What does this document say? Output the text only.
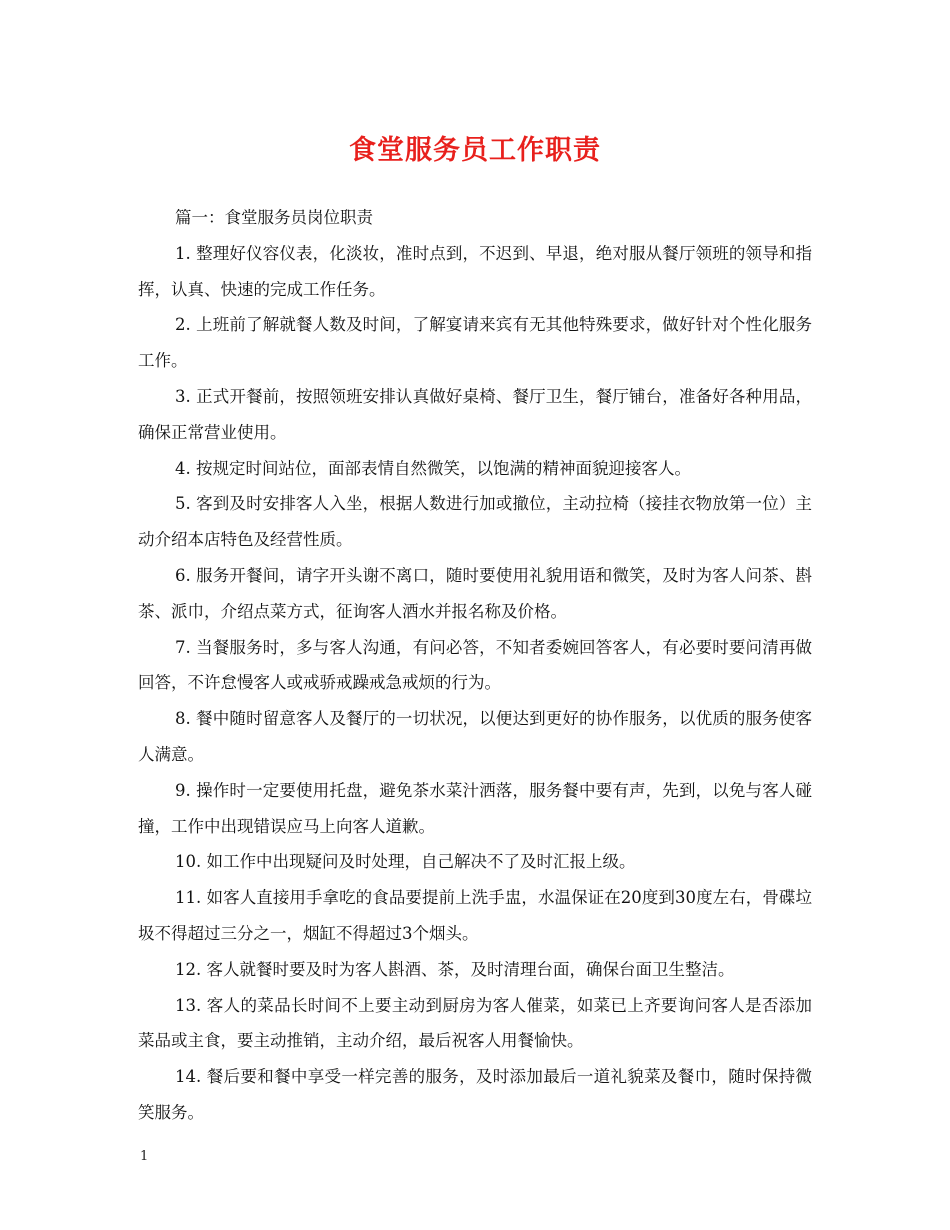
食堂服务员工作职责

篇一：食堂服务员岗位职责

1. 整理好仪容仪表，化淡妆，准时点到，不迟到、早退，绝对服从餐厅领班的领导和指挥，认真、快速的完成工作任务。

2. 上班前了解就餐人数及时间，了解宴请来宾有无其他特殊要求，做好针对个性化服务工作。

3. 正式开餐前，按照领班安排认真做好桌椅、餐厅卫生，餐厅铺台，准备好各种用品，确保正常营业使用。

4. 按规定时间站位，面部表情自然微笑，以饱满的精神面貌迎接客人。

5. 客到及时安排客人入坐，根据人数进行加或撤位，主动拉椅（接挂衣物放第一位）主动介绍本店特色及经营性质。

6. 服务开餐间，请字开头谢不离口，随时要使用礼貌用语和微笑，及时为客人问茶、斟茶、派巾，介绍点菜方式，征询客人酒水并报名称及价格。

7. 当餐服务时，多与客人沟通，有问必答，不知者委婉回答客人，有必要时要问清再做回答，不许怠慢客人或戒骄戒躁戒急戒烦的行为。

8. 餐中随时留意客人及餐厅的一切状况，以便达到更好的协作服务，以优质的服务使客人满意。

9. 操作时一定要使用托盘，避免茶水菜汁洒落，服务餐中要有声，先到，以免与客人碰撞，工作中出现错误应马上向客人道歉。

10. 如工作中出现疑问及时处理，自己解决不了及时汇报上级。

11. 如客人直接用手拿吃的食品要提前上洗手盅，水温保证在20度到30度左右，骨碟垃圾不得超过三分之一，烟缸不得超过3个烟头。

12. 客人就餐时要及时为客人斟酒、茶，及时清理台面，确保台面卫生整洁。

13. 客人的菜品长时间不上要主动到厨房为客人催菜，如菜已上齐要询问客人是否添加菜品或主食，要主动推销，主动介绍，最后祝客人用餐愉快。

14. 餐后要和餐中享受一样完善的服务，及时添加最后一道礼貌菜及餐巾，随时保持微笑服务。

1
